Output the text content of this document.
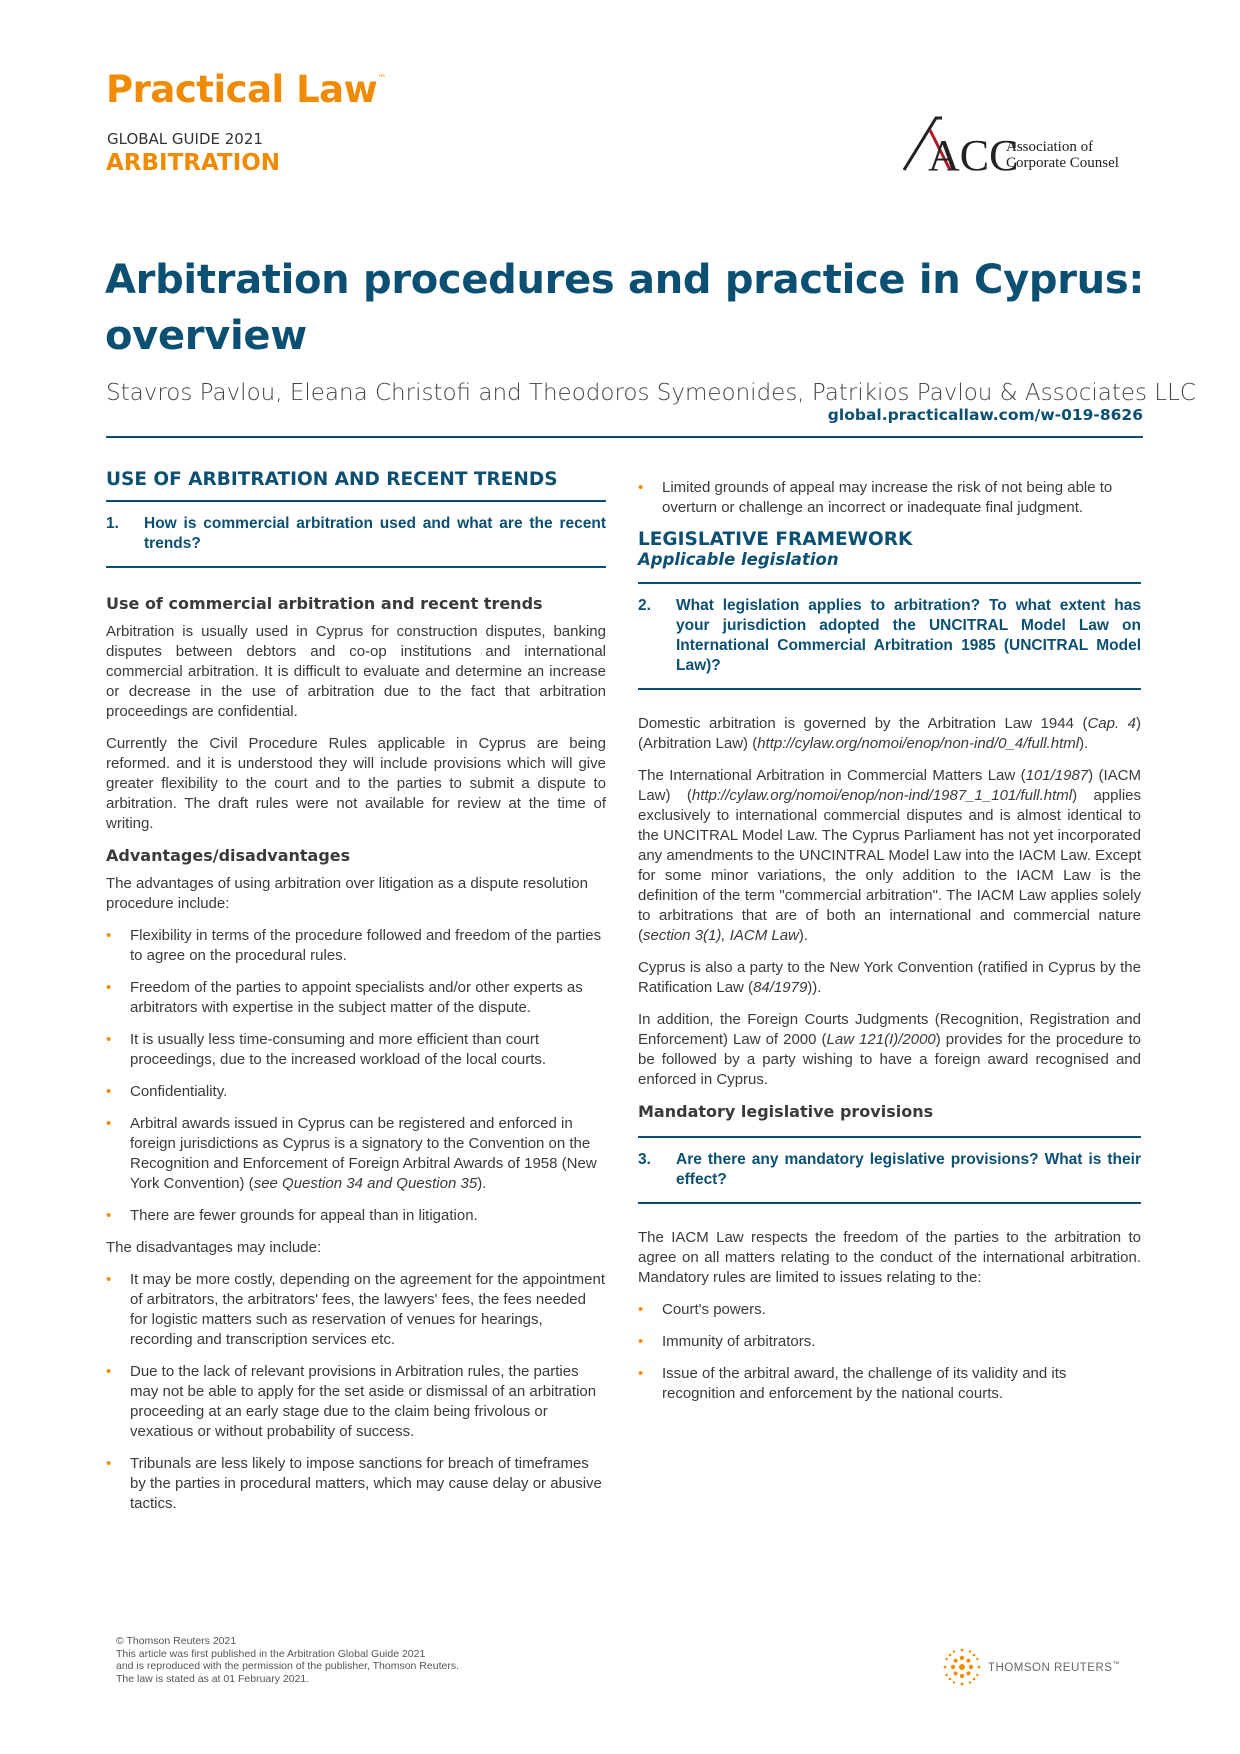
Practical Law™
GLOBAL GUIDE 2021
ARBITRATION	ACC
Association of
Corporate Counsel
Arbitration procedures and practice in Cyprus: overview
Stavros Pavlou, Eleana Christofi and Theodoros Symeonides, Patrikios Pavlou & Associates LLC
global.practicallaw.com/w-019-8626
USE OF ARBITRATION AND RECENT TRENDS
1.	How is commercial arbitration used and what are the recent trends?
Use of commercial arbitration and recent trends

Arbitration is usually used in Cyprus for construction disputes, banking disputes between debtors and co-op institutions and international commercial arbitration. It is difficult to evaluate and determine an increase or decrease in the use of arbitration due to the fact that arbitration proceedings are confidential.

Currently the Civil Procedure Rules applicable in Cyprus are being reformed. and it is understood they will include provisions which will give greater flexibility to the court and to the parties to submit a dispute to arbitration. The draft rules were not available for review at the time of writing.

Advantages/disadvantages

The advantages of using arbitration over litigation as a dispute resolution procedure include:

• Flexibility in terms of the procedure followed and freedom of the parties to agree on the procedural rules.
• Freedom of the parties to appoint specialists and/or other experts as arbitrators with expertise in the subject matter of the dispute.
• It is usually less time-consuming and more efficient than court proceedings, due to the increased workload of the local courts.
• Confidentiality.
• Arbitral awards issued in Cyprus can be registered and enforced in foreign jurisdictions as Cyprus is a signatory to the Convention on the Recognition and Enforcement of Foreign Arbitral Awards of 1958 (New York Convention) (see Question 34 and Question 35).
• There are fewer grounds for appeal than in litigation.

The disadvantages may include:

• It may be more costly, depending on the agreement for the appointment of arbitrators, the arbitrators' fees, the lawyers' fees, the fees needed for logistic matters such as reservation of venues for hearings, recording and transcription services etc.
• Due to the lack of relevant provisions in Arbitration rules, the parties may not be able to apply for the set aside or dismissal of an arbitration proceeding at an early stage due to the claim being frivolous or vexatious or without probability of success.
• Tribunals are less likely to impose sanctions for breach of timeframes by the parties in procedural matters, which may cause delay or abusive tactics.
• Limited grounds of appeal may increase the risk of not being able to overturn or challenge an incorrect or inadequate final judgment.
LEGISLATIVE FRAMEWORK
Applicable legislation
2.	What legislation applies to arbitration? To what extent has your jurisdiction adopted the UNCITRAL Model Law on International Commercial Arbitration 1985 (UNCITRAL Model Law)?

Domestic arbitration is governed by the Arbitration Law 1944 (Cap. 4) (Arbitration Law) (http://cylaw.org/nomoi/enop/non-ind/0_4/full.html).

The International Arbitration in Commercial Matters Law (101/1987) (IACM Law) (http://cylaw.org/nomoi/enop/non-ind/1987_1_101/full.html) applies exclusively to international commercial disputes and is almost identical to the UNCITRAL Model Law. The Cyprus Parliament has not yet incorporated any amendments to the UNCINTRAL Model Law into the IACM Law. Except for some minor variations, the only addition to the IACM Law is the definition of the term "commercial arbitration". The IACM Law applies solely to arbitrations that are of both an international and commercial nature (section 3(1), IACM Law).

Cyprus is also a party to the New York Convention (ratified in Cyprus by the Ratification Law (84/1979)).

In addition, the Foreign Courts Judgments (Recognition, Registration and Enforcement) Law of 2000 (Law 121(I)/2000) provides for the procedure to be followed by a party wishing to have a foreign award recognised and enforced in Cyprus.

Mandatory legislative provisions
3.	Are there any mandatory legislative provisions? What is their effect?

The IACM Law respects the freedom of the parties to the arbitration to agree on all matters relating to the conduct of the international arbitration. Mandatory rules are limited to issues relating to the:

• Court's powers.
• Immunity of arbitrators.
• Issue of the arbitral award, the challenge of its validity and its recognition and enforcement by the national courts.
© Thomson Reuters 2021
This article was first published in the Arbitration Global Guide 2021
and is reproduced with the permission of the publisher, Thomson Reuters.
The law is stated as at 01 February 2021.
THOMSON REUTERS™
